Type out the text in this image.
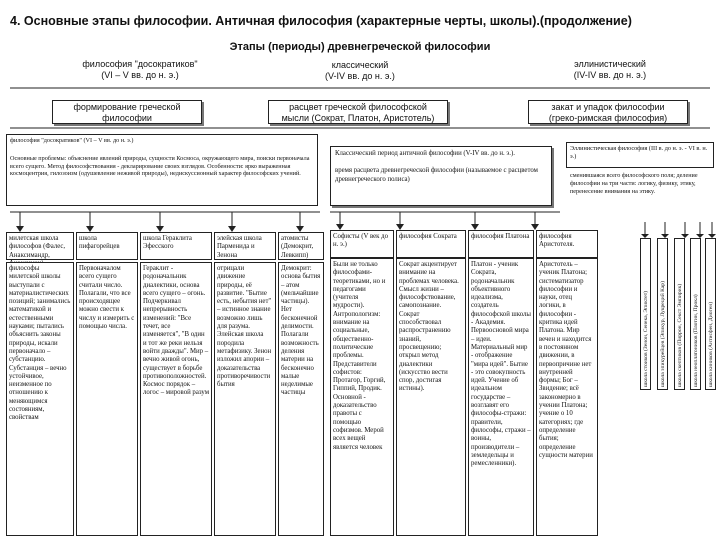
4. Основные этапы философии. Античная философия (характерные черты, школы).(продолжение)
Этапы (периоды) древнегреческой философии
философия "досократиков"
(VI – V вв. до н. э.)
классический
(V-IV вв. до н. э.)
эллинистический
(IV-IV вв. до н. э.)
формирование греческой
философии
расцвет греческой философской
мысли (Сократ, Платон, Аристотель)
закат и упадок философии
(греко-римская философия)
философия "досократиков" (VI – V вв. до н. э.)
Основные проблемы: объяснение явлений природы, сущности Космоса, окружающего мира, поиски первоначала всего сущего. Метод философствования - декларирование своих взглядов. Особенности: ярко выраженная космоцентрия, гилозоизм (одушевление неживой природы), недискуссионный характер философских учений.
Классический период античной философии (V-IV вв. до н. э.).
время расцвета древнегреческой философии (называемое с расцветом древнегреческого полиса)
Эллинистическая философия (III в. до н. э. - VI в. н. э.)
сменившаяся всего философского поля; деление философии на три части: логику, физику, этику, перенесение внимания на этику.
милетская школа философов (Фалес, Анаксимандр,
школа пифагорейцев
школа Гераклита Эфесского
элейская школа Парменида и Зенона
атомисты (Демокрит, Левкипп)
философы милетской школы выступали с материалистических позиций; занимались математикой и естественными науками; пытались объяснить законы природы, искали первоначало – субстанцию. Субстанция – вечно устойчивое, неизменное по отношению к меняющимся состояниям, свойствам
Первоначалом всего сущего считали число. Полагали, что все происходящее можно свести к числу и измерить с помощью числа.
Гераклит - родоначальник диалектики, основа всего сущего – огонь. Подчеркивал непрерывность изменений: "Все течет, все изменяется", "В один и тот же реки нельзя войти дважды". Мир – вечно живой огонь, существует в борьбе противоположностей. Космос порядок – логос – мировой разум
отрицали движение природы, её развитие. "Бытие есть, небытия нет" – истинное знание возможно лишь для разума. Элейская школа породила метафизику. Зенон изложил апории – доказательства противоречивости бытия
Демокрит: основа бытия – атом (мельчайшие частицы). Нет бесконечной делимости. Полагали возможность деления материи на бесконечно малые неделимые частицы
Софисты (V век до н. э.)
философия Сократа	философия Платона	философия Аристотеля.
Были не только философами-теоретиками, но и педагогами (учителя мудрости). Антропологизм: внимание на социальные, общественно-политические проблемы. Представители софистов: Протагор, Горгий, Гиппий, Продик. Основной - доказательство правоты с помощью софизмов. Мерой всех вещей является человек
Сократ акцентирует внимание на проблемах человека. Смысл жизни – философствование, самопознание. Сократ способствовал распространению знаний, просвещению; открыл метод диалектики (искусство вести спор, достигая истины).
Платон - ученик Сократа, родоначальник объективного идеализма, создатель философской школы - Академия. Первоосновой мира – идеи. Материальный мир - отображение "мира идей". Бытие - это совокупность идей. Учение об идеальном государстве – возглавят его философы-стражи: правители, философы, стражи – воины, производители – земледельцы и ремесленники).
Аристотель – ученик Платона; систематизатор философии и науки, отец логики, в философии - критика идей Платона. Мир вечен и находится в постоянном движении, в первопричине нет внутренней формы; Бог – Звидение; всё закономерно в учении Платона; учение о 10 категориях; где определение бытия; определение сущности материи
школа стоиков (Зенон, Сенека, Эпиктет) школа эпикурейцев (Эпикур, Лукреций Кар) школа скептиков (Пиррон, Секст Эмпирик) школа неоплатоников (Плотин, Прокл) школа киников (Антисфен, Диоген)
